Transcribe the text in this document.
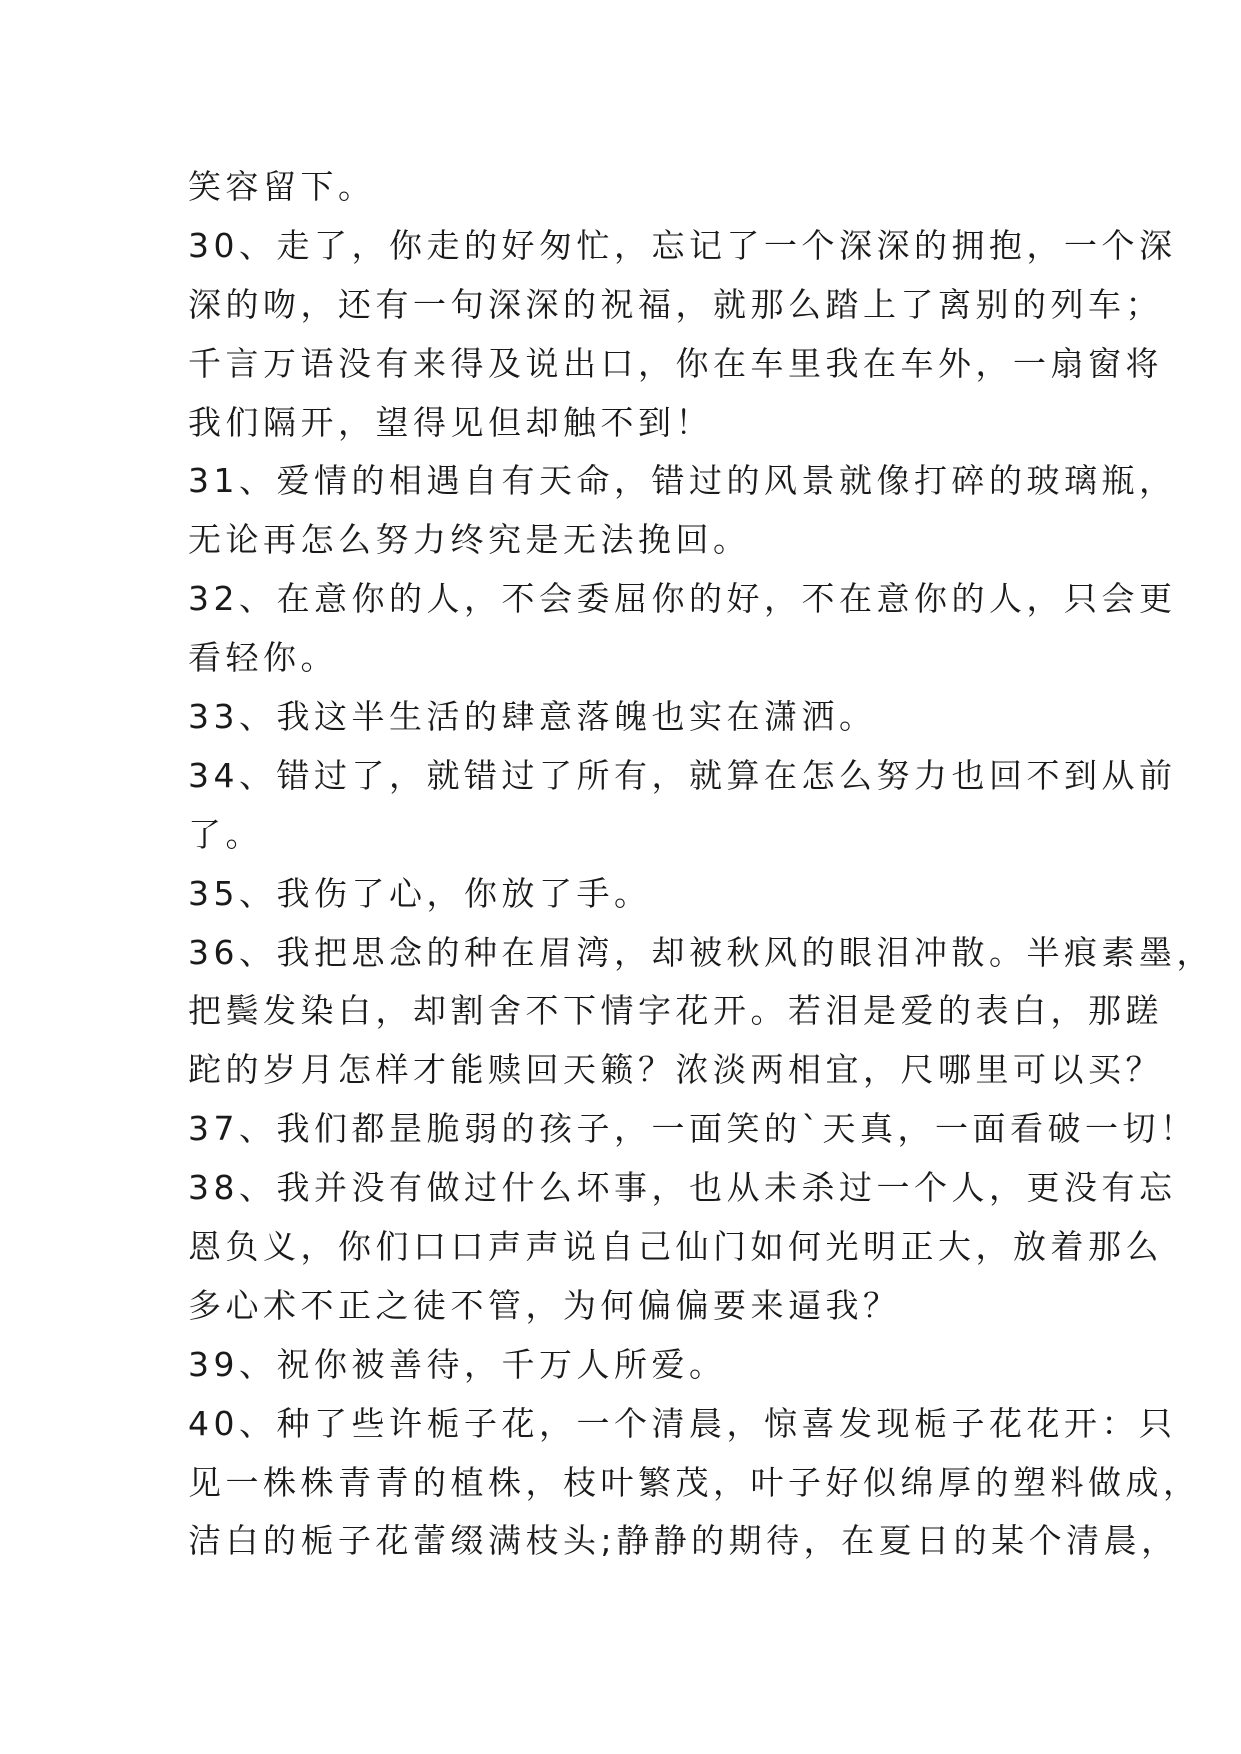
笑容留下。
30、走了，你走的好匆忙，忘记了一个深深的拥抱，一个深
深的吻，还有一句深深的祝福，就那么踏上了离别的列车；
千言万语没有来得及说出口，你在车里我在车外，一扇窗将
我们隔开，望得见但却触不到！
31、爱情的相遇自有天命，错过的风景就像打碎的玻璃瓶，
无论再怎么努力终究是无法挽回。
32、在意你的人，不会委屈你的好，不在意你的人，只会更
看轻你。
33、我这半生活的肆意落魄也实在潇洒。
34、错过了，就错过了所有，就算在怎么努力也回不到从前
了。
35、我伤了心，你放了手。
36、我把思念的种在眉湾，却被秋风的眼泪冲散。半痕素墨，
把鬓发染白，却割舍不下情字花开。若泪是爱的表白，那蹉
跎的岁月怎样才能赎回天籁？浓淡两相宜，尺哪里可以买？
37、我们都昰脆弱的孩子，一面笑的`天真，一面看破一切！
38、我并没有做过什么坏事，也从未杀过一个人，更没有忘
恩负义，你们口口声声说自己仙门如何光明正大，放着那么
多心术不正之徒不管，为何偏偏要来逼我？
39、祝你被善待，千万人所爱。
40、种了些许栀子花，一个清晨，惊喜发现栀子花花开：只
见一株株青青的植株，枝叶繁茂，叶子好似绵厚的塑料做成，
洁白的栀子花蕾缀满枝头;静静的期待，在夏日的某个清晨，
